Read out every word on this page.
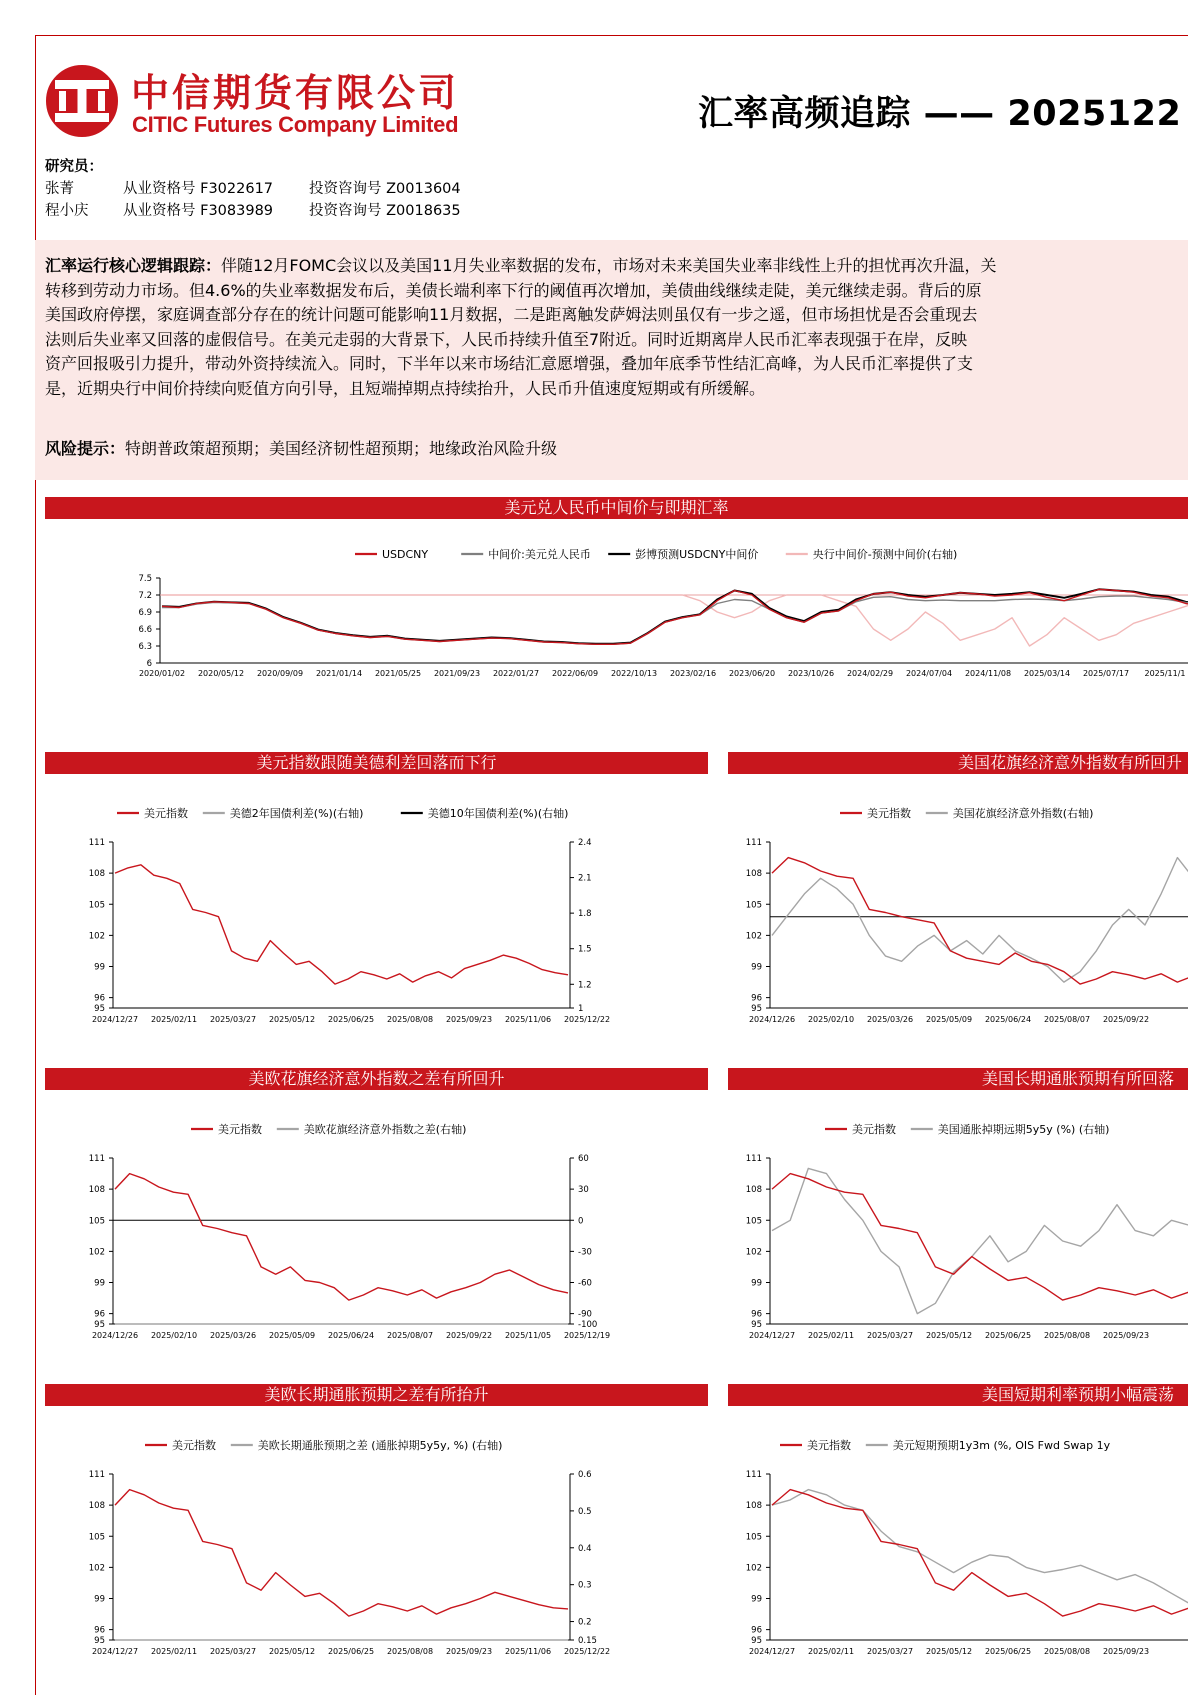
中信期货有限公司
CITIC Futures Company Limited	汇率高频追踪 —— 2025122
研究员：
张菁	从业资格号 F3022617 投资咨询号 Z0013604
程小庆 从业资格号 F3083989 投资咨询号 Z0018635
汇率运行核心逻辑跟踪：伴随12月FOMC会议以及美国11月失业率数据的发布，市场对未来美国失业率非线性上升的担忧再次升温，关
转移到劳动力市场。但4.6%的失业率数据发布后，美债长端利率下行的阈值再次增加，美债曲线继续走陡，美元继续走弱。背后的原
美国政府停摆，家庭调查部分存在的统计问题可能影响11月数据，二是距离触发萨姆法则虽仅有一步之遥，但市场担忧是否会重现去
法则后失业率又回落的虚假信号。在美元走弱的大背景下，人民币持续升值至7附近。同时近期离岸人民币汇率表现强于在岸，反映
资产回报吸引力提升，带动外资持续流入。同时，下半年以来市场结汇意愿增强，叠加年底季节性结汇高峰，为人民币汇率提供了支
是，近期央行中间价持续向贬值方向引导，且短端掉期点持续抬升，人民币升值速度短期或有所缓解。
风险提示：特朗普政策超预期；美国经济韧性超预期；地缘政治风险升级
美元兑人民币中间价与即期汇率
USDCNY	中间价:美元兑人民币	彭博预测USDCNY中间价	央行中间价-预测中间价(右轴)
7.5
7.2
6.9
6.6
6.3
6
2020/01/02 2020/05/12 2020/09/09 2021/01/14 2021/05/25 2021/09/23 2022/01/27 2022/06/09 2022/10/13 2023/02/16 2023/06/20 2023/10/26 2024/02/29 2024/07/04 2024/11/08 2025/03/14 2025/07/17 2025/11/1
美元指数跟随美德利差回落而下行
美元指数	美德2年国债利差(%)(右轴)	美德10年国债利差(%)(右轴)
111
108
105
102
99
96
95
2.4
2.1
1.8
1.5
1.2
1
2024/12/27 2025/02/11 2025/03/27 2025/05/12 2025/06/25 2025/08/08 2025/09/23 2025/11/06 2025/12/22
美国花旗经济意外指数有所回升
美元指数	美国花旗经济意外指数(右轴)
111
108
105
102
99
96
95
2024/12/26 2025/02/10 2025/03/26 2025/05/09 2025/06/24 2025/08/07 2025/09/22
美欧花旗经济意外指数之差有所回升
美元指数	美欧花旗经济意外指数之差(右轴)
111
108
105
102
99
96
95
60
30
0
-30
-60
-90
-100
2024/12/26 2025/02/10 2025/03/26 2025/05/09 2025/06/24 2025/08/07 2025/09/22 2025/11/05 2025/12/19
美国长期通胀预期有所回落
美元指数	美国通胀掉期远期5y5y (%) (右轴)
111
108
105
102
99
96
95
2024/12/27 2025/02/11 2025/03/27 2025/05/12 2025/06/25 2025/08/08 2025/09/23
美欧长期通胀预期之差有所抬升
美元指数	美欧长期通胀预期之差 (通胀掉期5y5y, %) (右轴)
111
108
105
102
99
96
95
0.6
0.5
0.4
0.3
0.2
0.15
2024/12/27 2025/02/11 2025/03/27 2025/05/12 2025/06/25 2025/08/08 2025/09/23 2025/11/06 2025/12/22
美国短期利率预期小幅震荡
美元指数	美元短期预期1y3m (%, OIS Fwd Swap 1y
111
108
105
102
99
96
95
2024/12/27 2025/02/11 2025/03/27 2025/05/12 2025/06/25 2025/08/08 2025/09/23
